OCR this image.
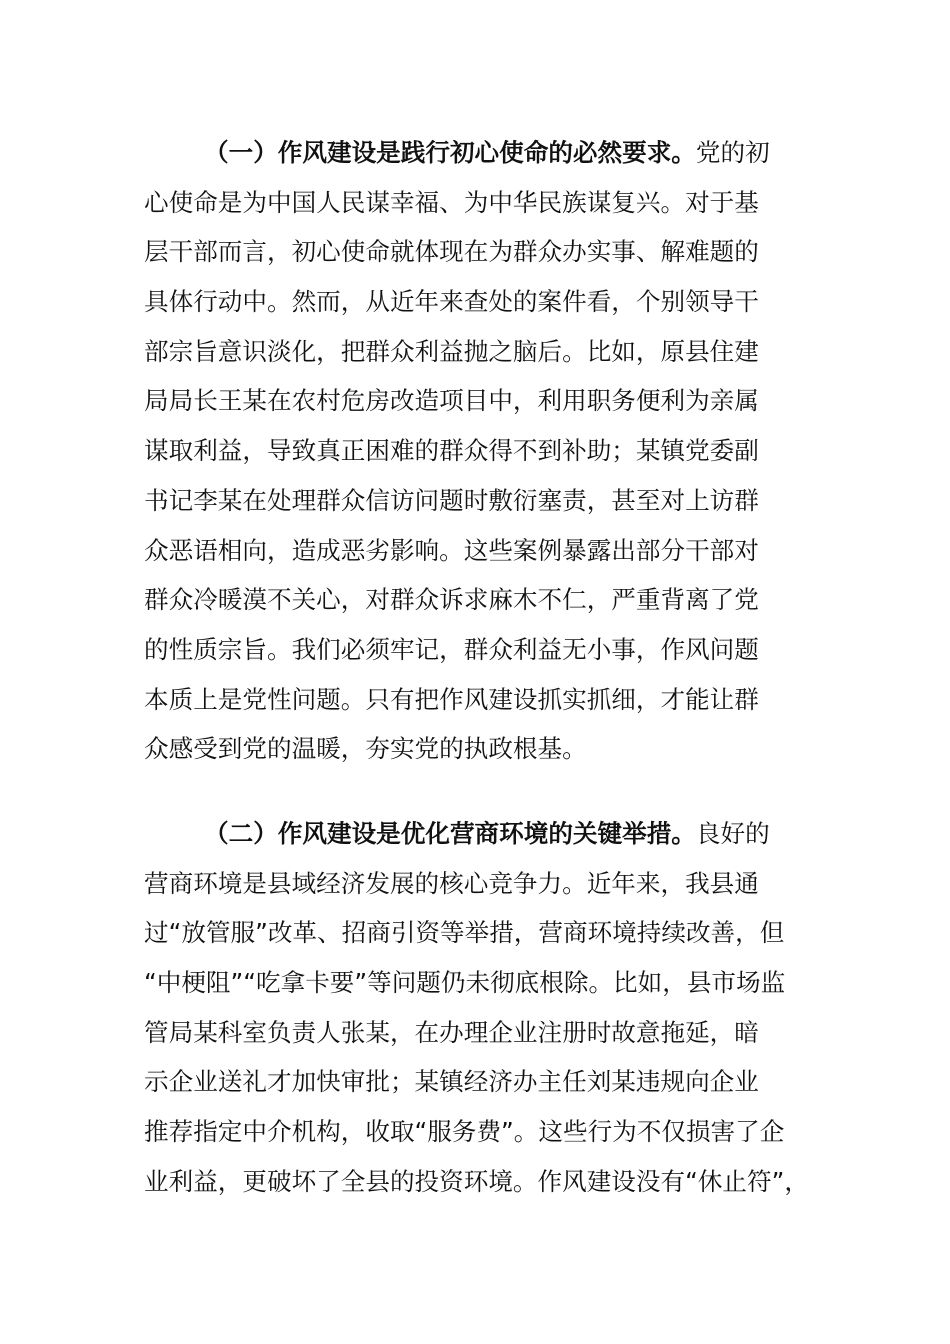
（一）作风建设是践行初心使命的必然要求。党的初
心使命是为中国人民谋幸福、为中华民族谋复兴。对于基
层干部而言，初心使命就体现在为群众办实事、解难题的
具体行动中。然而，从近年来查处的案件看，个别领导干
部宗旨意识淡化，把群众利益抛之脑后。比如，原县住建
局局长王某在农村危房改造项目中，利用职务便利为亲属
谋取利益，导致真正困难的群众得不到补助；某镇党委副
书记李某在处理群众信访问题时敷衍塞责，甚至对上访群
众恶语相向，造成恶劣影响。这些案例暴露出部分干部对
群众冷暖漠不关心，对群众诉求麻木不仁，严重背离了党
的性质宗旨。我们必须牢记，群众利益无小事，作风问题
本质上是党性问题。只有把作风建设抓实抓细，才能让群
众感受到党的温暖，夯实党的执政根基。
（二）作风建设是优化营商环境的关键举措。良好的
营商环境是县域经济发展的核心竞争力。近年来，我县通
过“放管服”改革、招商引资等举措，营商环境持续改善，但
“中梗阻”“吃拿卡要”等问题仍未彻底根除。比如，县市场监
管局某科室负责人张某，在办理企业注册时故意拖延，暗
示企业送礼才加快审批；某镇经济办主任刘某违规向企业
推荐指定中介机构，收取“服务费”。这些行为不仅损害了企
业利益，更破坏了全县的投资环境。作风建设没有“休止符”，
